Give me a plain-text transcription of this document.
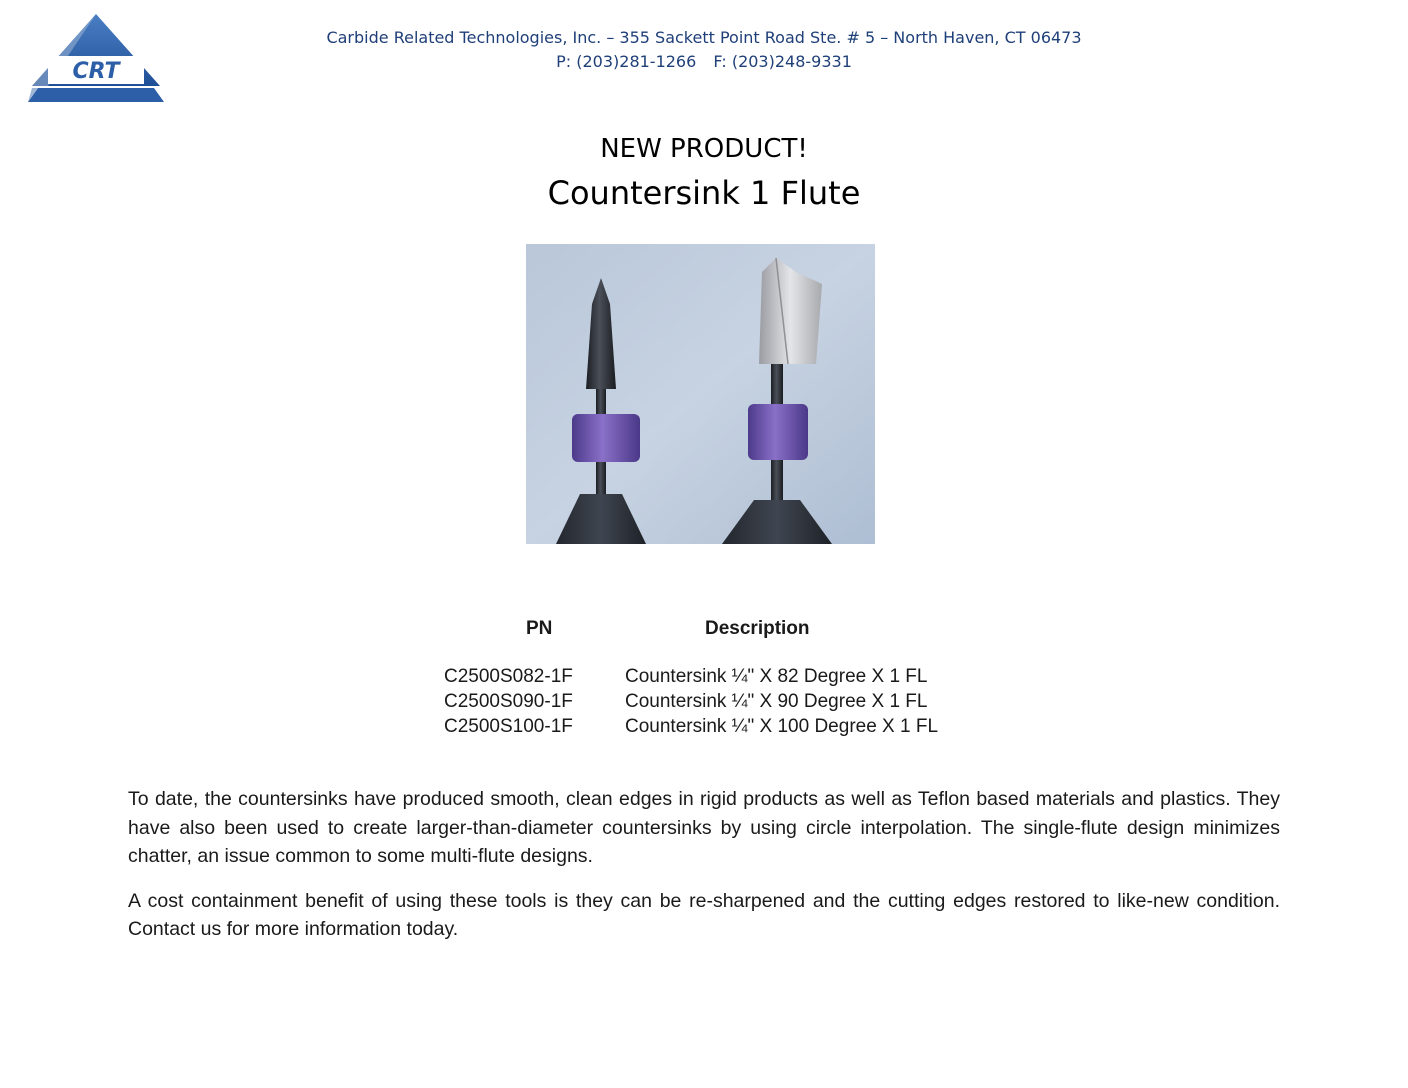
CRT
Carbide Related Technologies, Inc. – 355 Sackett Point Road Ste. # 5 – North Haven, CT 06473
P: (203)281-1266 F: (203)248-9331
NEW PRODUCT!
Countersink 1 Flute
PN	Description
C2500S082-1F	Countersink ¼" X 82 Degree X 1 FL
C2500S090-1F	Countersink ¼" X 90 Degree X 1 FL
C2500S100-1F	Countersink ¼" X 100 Degree X 1 FL

To date, the countersinks have produced smooth, clean edges in rigid products as well as Teflon based materials and plastics. They have also been used to create larger-than-diameter countersinks by using circle interpolation. The single-flute design minimizes chatter, an issue common to some multi-flute designs.

A cost containment benefit of using these tools is they can be re-sharpened and the cutting edges restored to like-new condition. Contact us for more information today.
